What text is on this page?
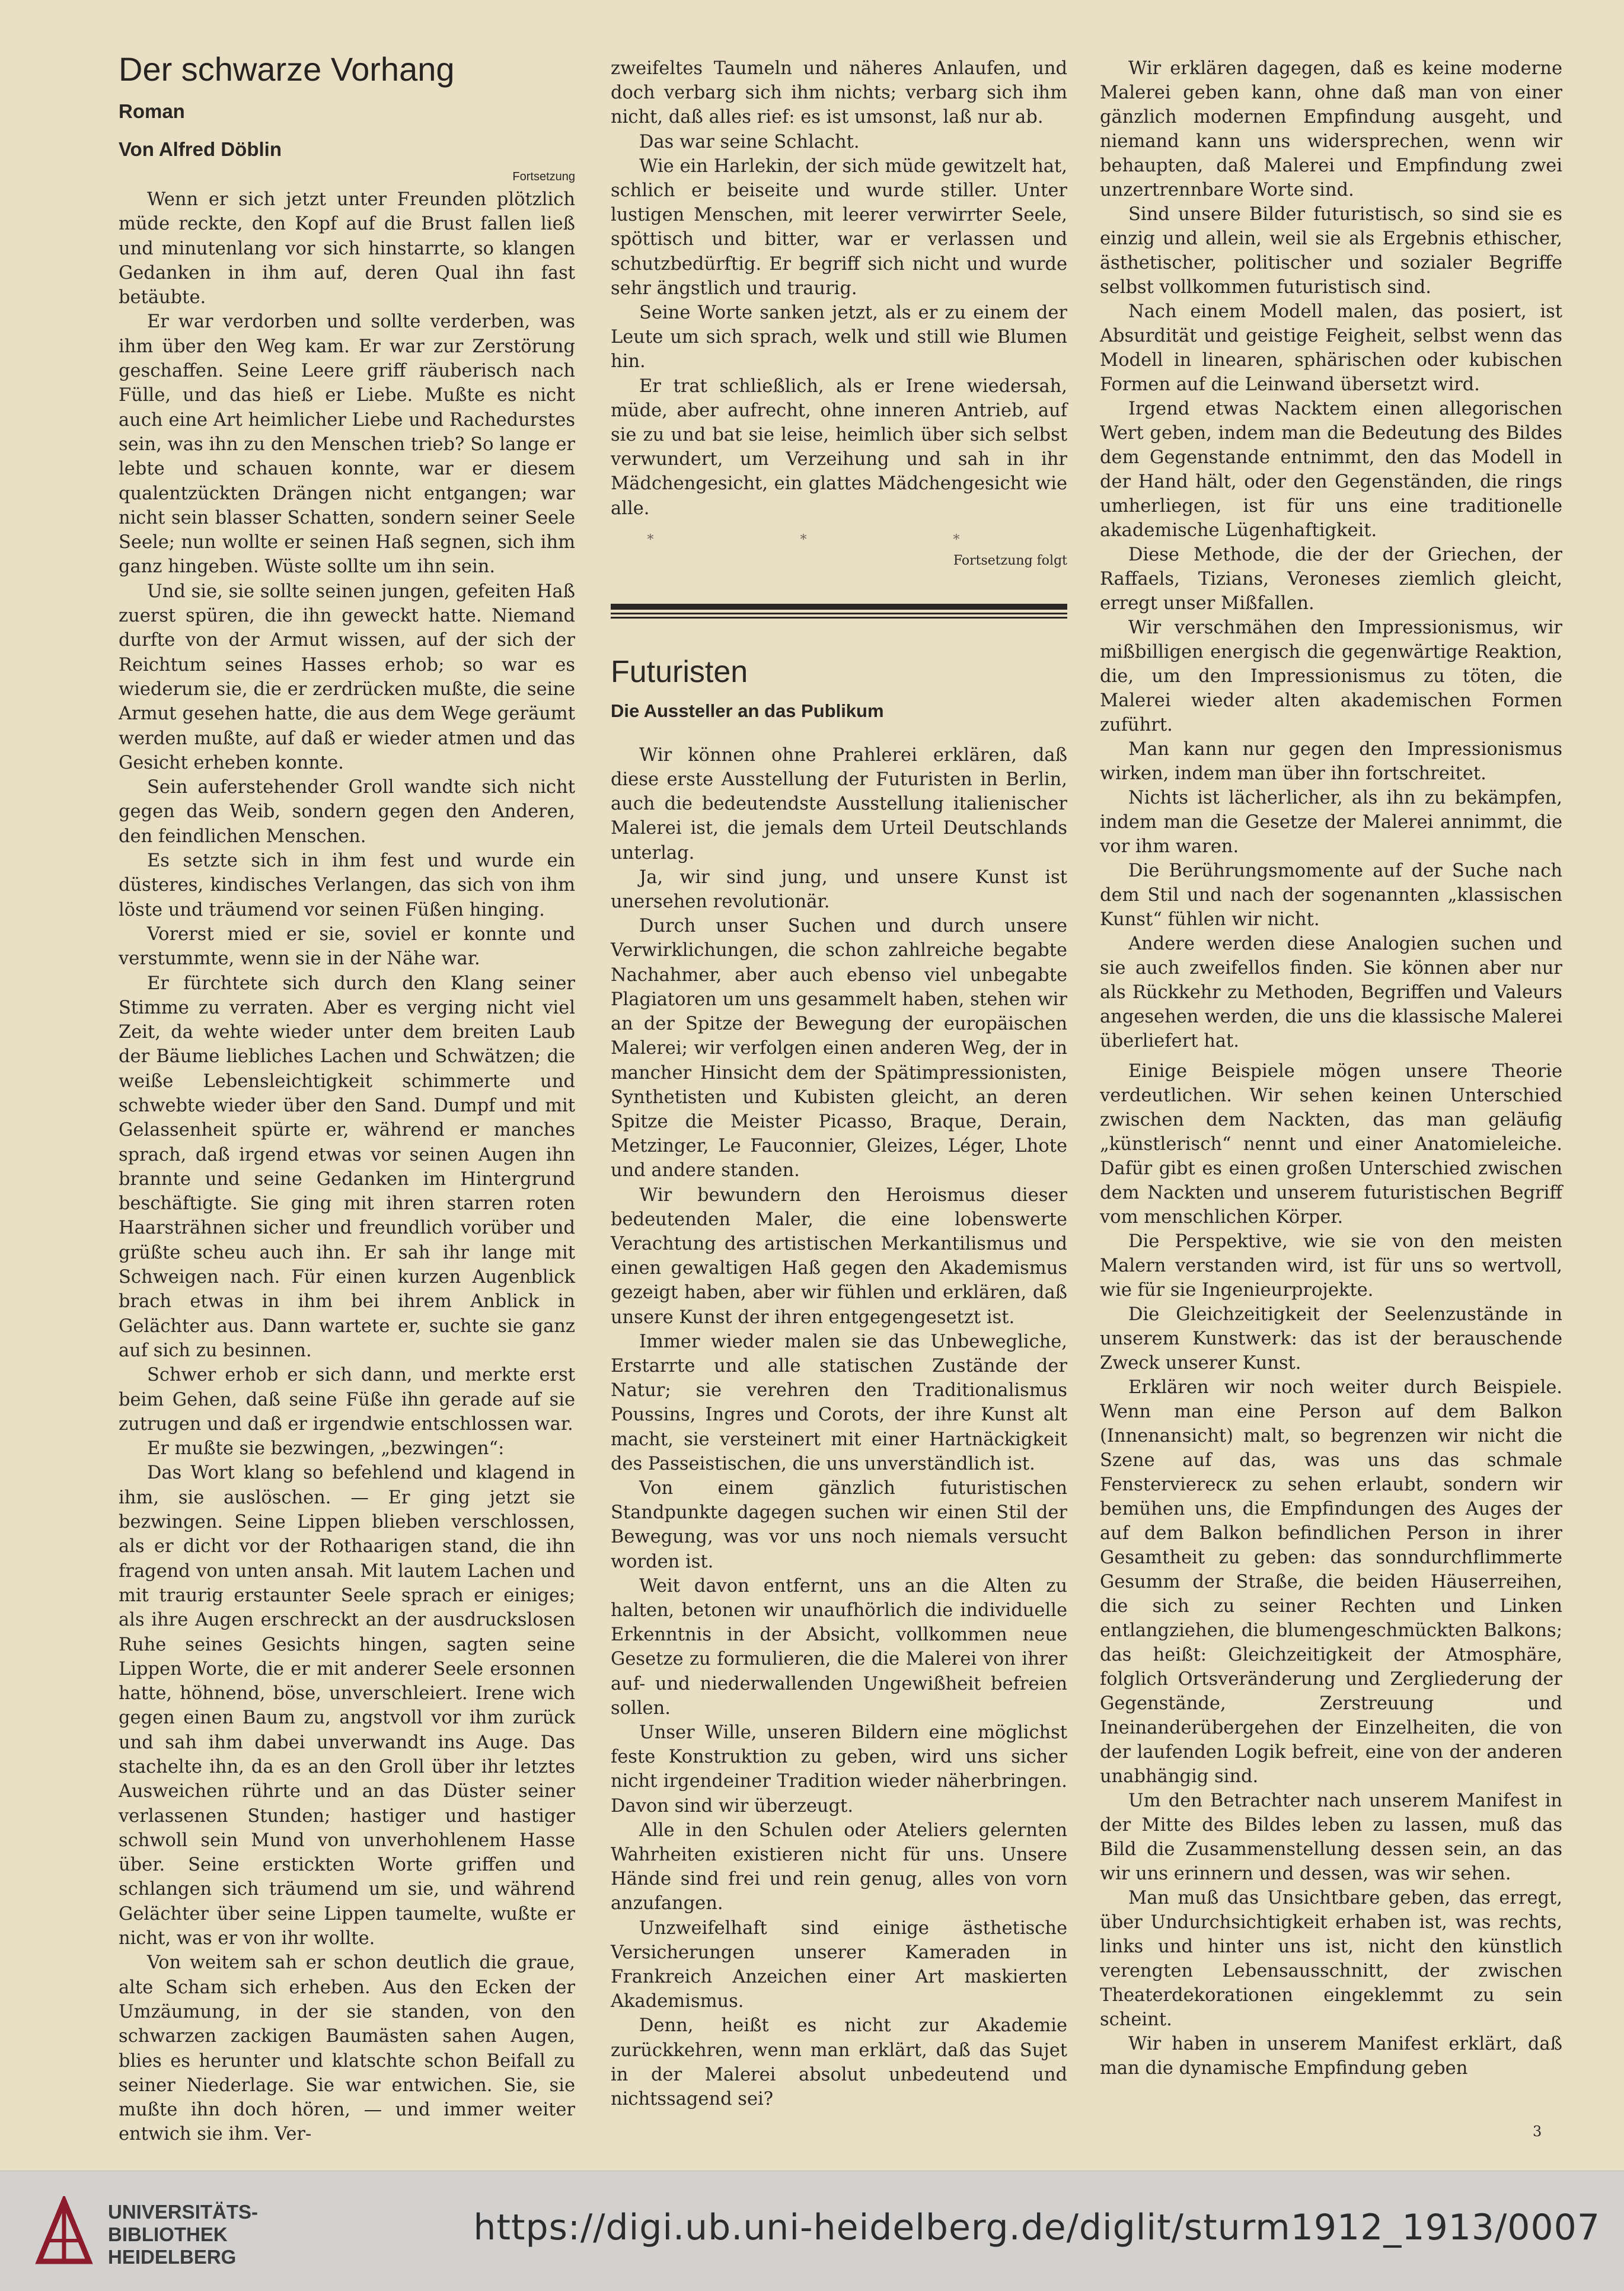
Der schwarze Vorhang
Roman
Von Alfred Döblin
Fortsetzung

Wenn er sich jetzt unter Freunden plötzlich müde reckte, den Kopf auf die Brust fallen ließ und minutenlang vor sich hinstarrte, so klangen Gedanken in ihm auf, deren Qual ihn fast betäubte.

Er war verdorben und sollte verderben, was ihm über den Weg kam. Er war zur Zerstörung geschaffen. Seine Leere griff räuberisch nach Fülle, und das hieß er Liebe. Mußte es nicht auch eine Art heimlicher Liebe und Rachedurstes sein, was ihn zu den Menschen trieb? So lange er lebte und schauen konnte, war er diesem qualentzückten Drängen nicht entgangen; war nicht sein blasser Schatten, sondern seiner Seele Seele; nun wollte er seinen Haß segnen, sich ihm ganz hingeben. Wüste sollte um ihn sein.

Und sie, sie sollte seinen jungen, gefeiten Haß zuerst spüren, die ihn geweckt hatte. Niemand durfte von der Armut wissen, auf der sich der Reichtum seines Hasses erhob; so war es wiederum sie, die er zerdrücken mußte, die seine Armut gesehen hatte, die aus dem Wege geräumt werden mußte, auf daß er wieder atmen und das Gesicht erheben konnte.

Sein auferstehender Groll wandte sich nicht gegen das Weib, sondern gegen den Anderen, den feindlichen Menschen.

Es setzte sich in ihm fest und wurde ein düsteres, kindisches Verlangen, das sich von ihm löste und träumend vor seinen Füßen hinging.

Vorerst mied er sie, soviel er konnte und verstummte, wenn sie in der Nähe war.

Er fürchtete sich durch den Klang seiner Stimme zu verraten. Aber es verging nicht viel Zeit, da wehte wieder unter dem breiten Laub der Bäume liebliches Lachen und Schwätzen; die weiße Lebensleichtigkeit schimmerte und schwebte wieder über den Sand. Dumpf und mit Gelassenheit spürte er, während er manches sprach, daß irgend etwas vor seinen Augen ihn brannte und seine Gedanken im Hintergrund beschäftigte. Sie ging mit ihren starren roten Haarsträhnen sicher und freundlich vorüber und grüßte scheu auch ihn. Er sah ihr lange mit Schweigen nach. Für einen kurzen Augenblick brach etwas in ihm bei ihrem Anblick in Gelächter aus. Dann wartete er, suchte sie ganz auf sich zu besinnen.

Schwer erhob er sich dann, und merkte erst beim Gehen, daß seine Füße ihn gerade auf sie zutrugen und daß er irgendwie entschlossen war.

Er mußte sie bezwingen, „bezwingen“:

Das Wort klang so befehlend und klagend in ihm, sie auslöschen. — Er ging jetzt sie bezwingen. Seine Lippen blieben verschlossen, als er dicht vor der Rothaarigen stand, die ihn fragend von unten ansah. Mit lautem Lachen und mit traurig erstaunter Seele sprach er einiges; als ihre Augen erschreckt an der ausdruckslosen Ruhe seines Gesichts hingen, sagten seine Lippen Worte, die er mit anderer Seele ersonnen hatte, höhnend, böse, unverschleiert. Irene wich gegen einen Baum zu, angstvoll vor ihm zurück und sah ihm dabei unverwandt ins Auge. Das stachelte ihn, da es an den Groll über ihr letztes Ausweichen rührte und an das Düster seiner verlassenen Stunden; hastiger und hastiger schwoll sein Mund von unverhohlenem Hasse über. Seine erstickten Worte griffen und schlangen sich träumend um sie, und während Gelächter über seine Lippen taumelte, wußte er nicht, was er von ihr wollte.

Von weitem sah er schon deutlich die graue, alte Scham sich erheben. Aus den Ecken der Umzäumung, in der sie standen, von den schwarzen zackigen Baumästen sahen Augen, blies es herunter und klatschte schon Beifall zu seiner Niederlage. Sie war entwichen. Sie, sie mußte ihn doch hören, — und immer weiter entwich sie ihm. Ver-

zweifeltes Taumeln und näheres Anlaufen, und doch verbarg sich ihm nichts; verbarg sich ihm nicht, daß alles rief: es ist umsonst, laß nur ab.

Das war seine Schlacht.

Wie ein Harlekin, der sich müde gewitzelt hat, schlich er beiseite und wurde stiller. Unter lustigen Menschen, mit leerer verwirrter Seele, spöttisch und bitter, war er verlassen und schutzbedürftig. Er begriff sich nicht und wurde sehr ängstlich und traurig.

Seine Worte sanken jetzt, als er zu einem der Leute um sich sprach, welk und still wie Blumen hin.

Er trat schließlich, als er Irene wiedersah, müde, aber aufrecht, ohne inneren Antrieb, auf sie zu und bat sie leise, heimlich über sich selbst verwundert, um Verzeihung und sah in ihr Mädchengesicht, ein glattes Mädchengesicht wie alle.

* * *
Fortsetzung folgt
Futuristen
Die Aussteller an das Publikum

Wir können ohne Prahlerei erklären, daß diese erste Ausstellung der Futuristen in Berlin, auch die bedeutendste Ausstellung italienischer Malerei ist, die jemals dem Urteil Deutschlands unterlag.

Ja, wir sind jung, und unsere Kunst ist unersehen revolutionär.

Durch unser Suchen und durch unsere Verwirklichungen, die schon zahlreiche begabte Nachahmer, aber auch ebenso viel unbegabte Plagiatoren um uns gesammelt haben, stehen wir an der Spitze der Bewegung der europäischen Malerei; wir verfolgen einen anderen Weg, der in mancher Hinsicht dem der Spätimpressionisten, Synthetisten und Kubisten gleicht, an deren Spitze die Meister Picasso, Braque, Derain, Metzinger, Le Fauconnier, Gleizes, Léger, Lhote und andere standen.

Wir bewundern den Heroismus dieser bedeutenden Maler, die eine lobenswerte Verachtung des artistischen Merkantilismus und einen gewaltigen Haß gegen den Akademismus gezeigt haben, aber wir fühlen und erklären, daß unsere Kunst der ihren entgegengesetzt ist.

Immer wieder malen sie das Unbewegliche, Erstarrte und alle statischen Zustände der Natur; sie verehren den Traditionalismus Poussins, Ingres und Corots, der ihre Kunst alt macht, sie versteinert mit einer Hartnäckigkeit des Passeistischen, die uns unverständlich ist.

Von einem gänzlich futuristischen Standpunkte dagegen suchen wir einen Stil der Bewegung, was vor uns noch niemals versucht worden ist.

Weit davon entfernt, uns an die Alten zu halten, betonen wir unaufhörlich die individuelle Erkenntnis in der Absicht, vollkommen neue Gesetze zu formulieren, die die Malerei von ihrer auf- und niederwallenden Ungewißheit befreien sollen.

Unser Wille, unseren Bildern eine möglichst feste Konstruktion zu geben, wird uns sicher nicht irgendeiner Tradition wieder näherbringen. Davon sind wir überzeugt.

Alle in den Schulen oder Ateliers gelernten Wahrheiten existieren nicht für uns. Unsere Hände sind frei und rein genug, alles von vorn anzufangen.

Unzweifelhaft sind einige ästhetische Versicherungen unserer Kameraden in Frankreich Anzeichen einer Art maskierten Akademismus.

Denn, heißt es nicht zur Akademie zurückkehren, wenn man erklärt, daß das Sujet in der Malerei absolut unbedeutend und nichtssagend sei?

Wir erklären dagegen, daß es keine moderne Malerei geben kann, ohne daß man von einer gänzlich modernen Empfindung ausgeht, und niemand kann uns widersprechen, wenn wir behaupten, daß Malerei und Empfindung zwei unzertrennbare Worte sind.

Sind unsere Bilder futuristisch, so sind sie es einzig und allein, weil sie als Ergebnis ethischer, ästhetischer, politischer und sozialer Begriffe selbst vollkommen futuristisch sind.

Nach einem Modell malen, das posiert, ist Absurdität und geistige Feigheit, selbst wenn das Modell in linearen, sphärischen oder kubischen Formen auf die Leinwand übersetzt wird.

Irgend etwas Nacktem einen allegorischen Wert geben, indem man die Bedeutung des Bildes dem Gegenstande entnimmt, den das Modell in der Hand hält, oder den Gegenständen, die rings umherliegen, ist für uns eine traditionelle akademische Lügenhaftigkeit.

Diese Methode, die der der Griechen, der Raffaels, Tizians, Veroneses ziemlich gleicht, erregt unser Mißfallen.

Wir verschmähen den Impressionismus, wir mißbilligen energisch die gegenwärtige Reaktion, die, um den Impressionismus zu töten, die Malerei wieder alten akademischen Formen zuführt.

Man kann nur gegen den Impressionismus wirken, indem man über ihn fortschreitet.

Nichts ist lächerlicher, als ihn zu bekämpfen, indem man die Gesetze der Malerei annimmt, die vor ihm waren.

Die Berührungsmomente auf der Suche nach dem Stil und nach der sogenannten „klassischen Kunst“ fühlen wir nicht.

Andere werden diese Analogien suchen und sie auch zweifellos finden. Sie können aber nur als Rückkehr zu Methoden, Begriffen und Valeurs angesehen werden, die uns die klassische Malerei überliefert hat.

Einige Beispiele mögen unsere Theorie verdeutlichen. Wir sehen keinen Unterschied zwischen dem Nackten, das man geläufig „künstlerisch“ nennt und einer Anatomieleiche. Dafür gibt es einen großen Unterschied zwischen dem Nackten und unserem futuristischen Begriff vom menschlichen Körper.

Die Perspektive, wie sie von den meisten Malern verstanden wird, ist für uns so wertvoll, wie für sie Ingenieurprojekte.

Die Gleichzeitigkeit der Seelenzustände in unserem Kunstwerk: das ist der berauschende Zweck unserer Kunst.

Erklären wir noch weiter durch Beispiele. Wenn man eine Person auf dem Balkon (Innenansicht) malt, so begrenzen wir nicht die Szene auf das, was uns das schmale Fenstervierecк zu sehen erlaubt, sondern wir bemühen uns, die Empfindungen des Auges der auf dem Balkon befindlichen Person in ihrer Gesamtheit zu geben: das sonndurchflimmerte Gesumm der Straße, die beiden Häuserreihen, die sich zu seiner Rechten und Linken entlangziehen, die blumengeschmückten Balkons; das heißt: Gleichzeitigkeit der Atmosphäre, folglich Ortsveränderung und Zergliederung der Gegenstände, Zerstreuung und Ineinanderübergehen der Einzelheiten, die von der laufenden Logik befreit, eine von der anderen unabhängig sind.

Um den Betrachter nach unserem Manifest in der Mitte des Bildes leben zu lassen, muß das Bild die Zusammenstellung dessen sein, an das wir uns erinnern und dessen, was wir sehen.

Man muß das Unsichtbare geben, das erregt, über Undurchsichtigkeit erhaben ist, was rechts, links und hinter uns ist, nicht den künstlich verengten Lebensausschnitt, der zwischen Theaterdekorationen eingeklemmt zu sein scheint.

Wir haben in unserem Manifest erklärt, daß man die dynamische Empfindung geben

3
UNIVERSITÄTS-
BIBLIOTHEK
HEIDELBERG
https://digi.ub.uni-heidelberg.de/diglit/sturm1912_1913/0007
